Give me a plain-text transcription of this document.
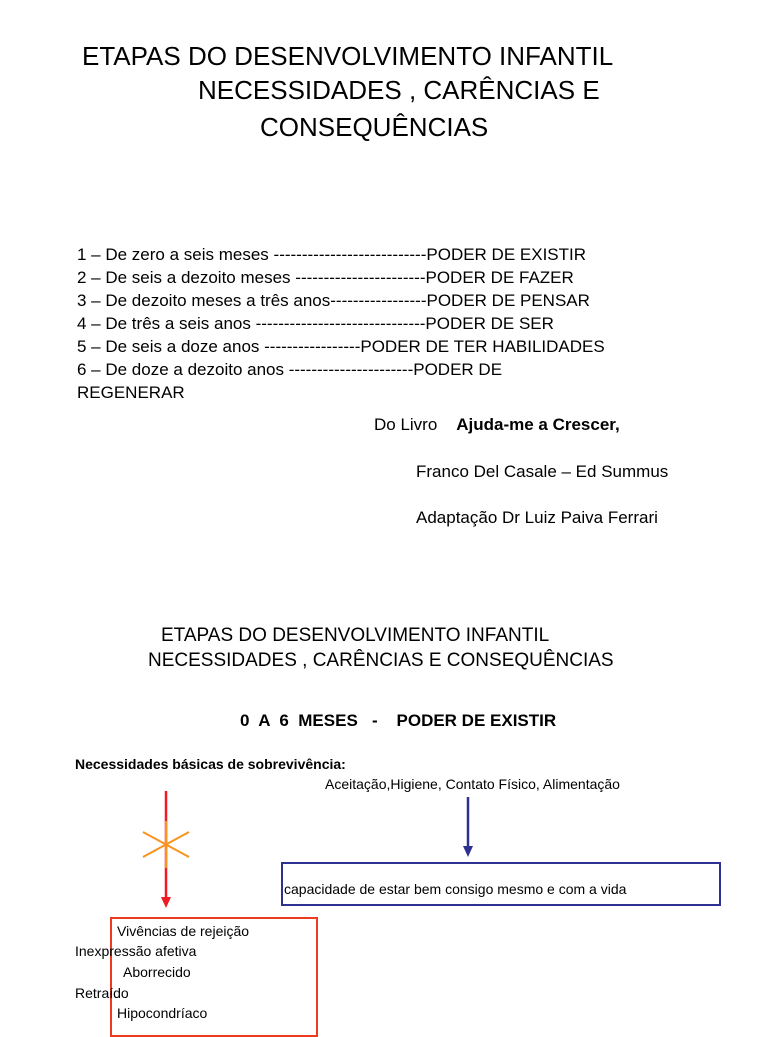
ETAPAS DO DESENVOLVIMENTO INFANTIL
NECESSIDADES , CARÊNCIAS E
CONSEQUÊNCIAS
1 – De zero a seis meses ---------------------------PODER DE EXISTIR
2 – De seis a dezoito meses -----------------------PODER DE FAZER
3 – De dezoito meses a três anos-----------------PODER DE PENSAR
4 – De três a seis anos ------------------------------PODER DE SER
5 – De seis a doze anos -----------------PODER DE TER HABILIDADES
6 – De doze a dezoito anos ----------------------PODER DE
REGENERAR
Do Livro Ajuda-me a Crescer,
Franco Del Casale – Ed Summus
Adaptação Dr Luiz Paiva Ferrari
ETAPAS DO DESENVOLVIMENTO INFANTIL
NECESSIDADES , CARÊNCIAS E CONSEQUÊNCIAS
0  A  6  MESES   -    PODER DE EXISTIR
Necessidades básicas de sobrevivência:
Aceitação,Higiene, Contato Físico, Alimentação
capacidade de estar bem consigo mesmo e com a vida
Vivências de rejeição
Inexpressão afetiva
Aborrecido
Retraído
Hipocondríaco
